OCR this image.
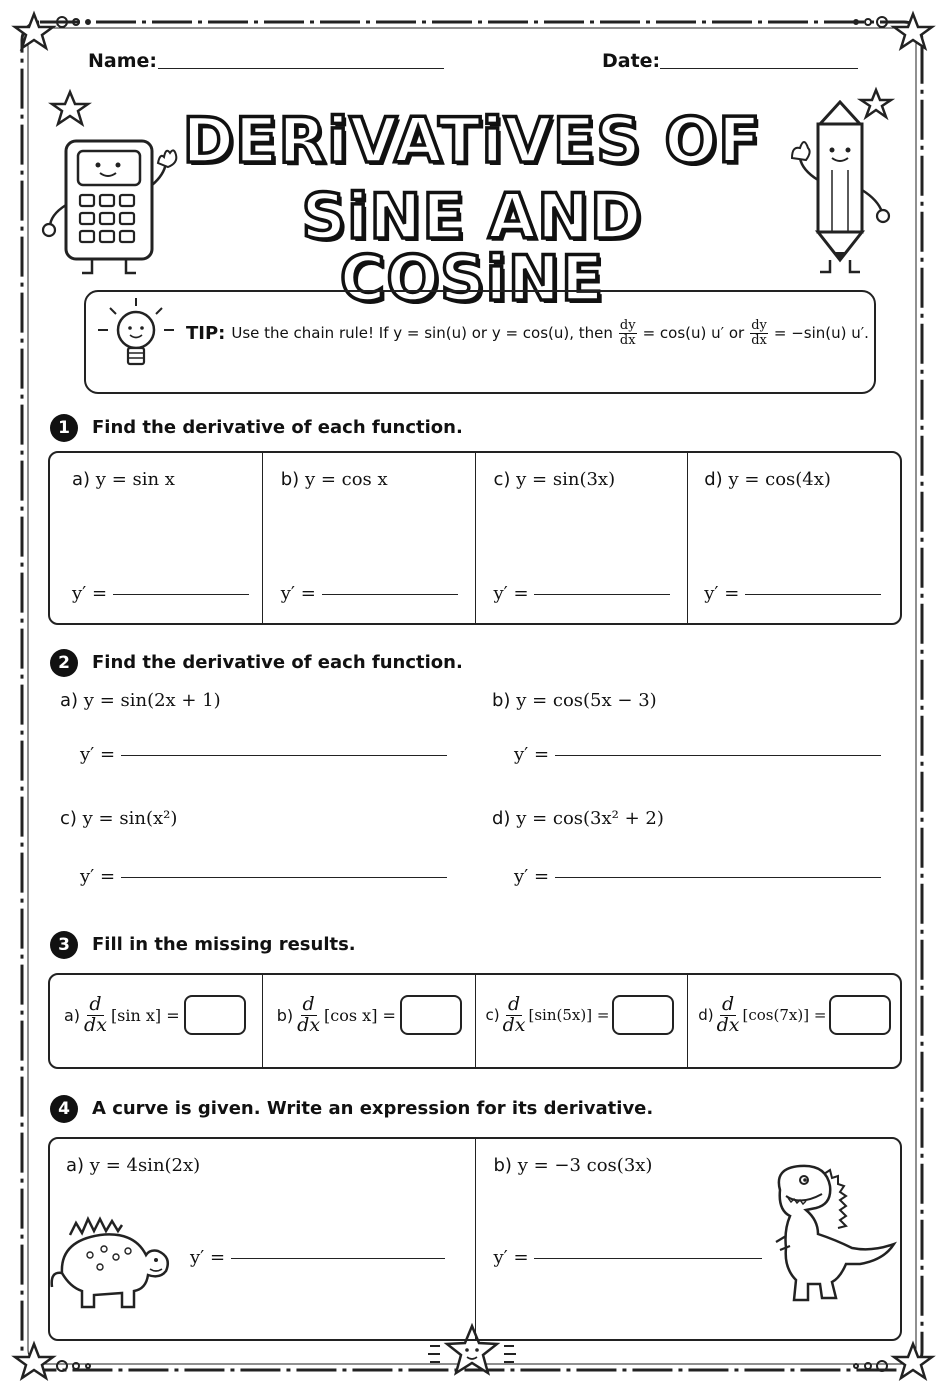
Name:	Date:
DERiVATiVES OF
SiNE AND COSiNE
TIP: Use the chain rule! If y = sin(u) or y = cos(u), then $\frac{dy}{dx} = \cos(u)$ u′ or $\frac{dy}{dx} = -\sin(u)$ u′.
1	Find the derivative of each function.
a) y = sin x
y′ =
b) y = cos x
y′ =
c) y = sin(3x)
y′ =
d) y = cos(4x)
y′ =
2	Find the derivative of each function.
a) y = sin(2x + 1)
y′ =
b) y = cos(5x − 3)
y′ =
c) y = sin(x²)
y′ =
d) y = cos(3x² + 2)
y′ =
3	Fill in the missing results.
$a) \frac{d}{dx} [\sin$ x] =	$b) \frac{d}{dx} [\cos$ x] =	$c) \frac{d}{dx} [\sin(5x)]$ =	$d) \frac{d}{dx} [\cos(7x)]$ =
4	A curve is given. Write an expression for its derivative.
a) y = 4sin(2x)
y′ =
b) y = −3 cos(3x)
y′ =
